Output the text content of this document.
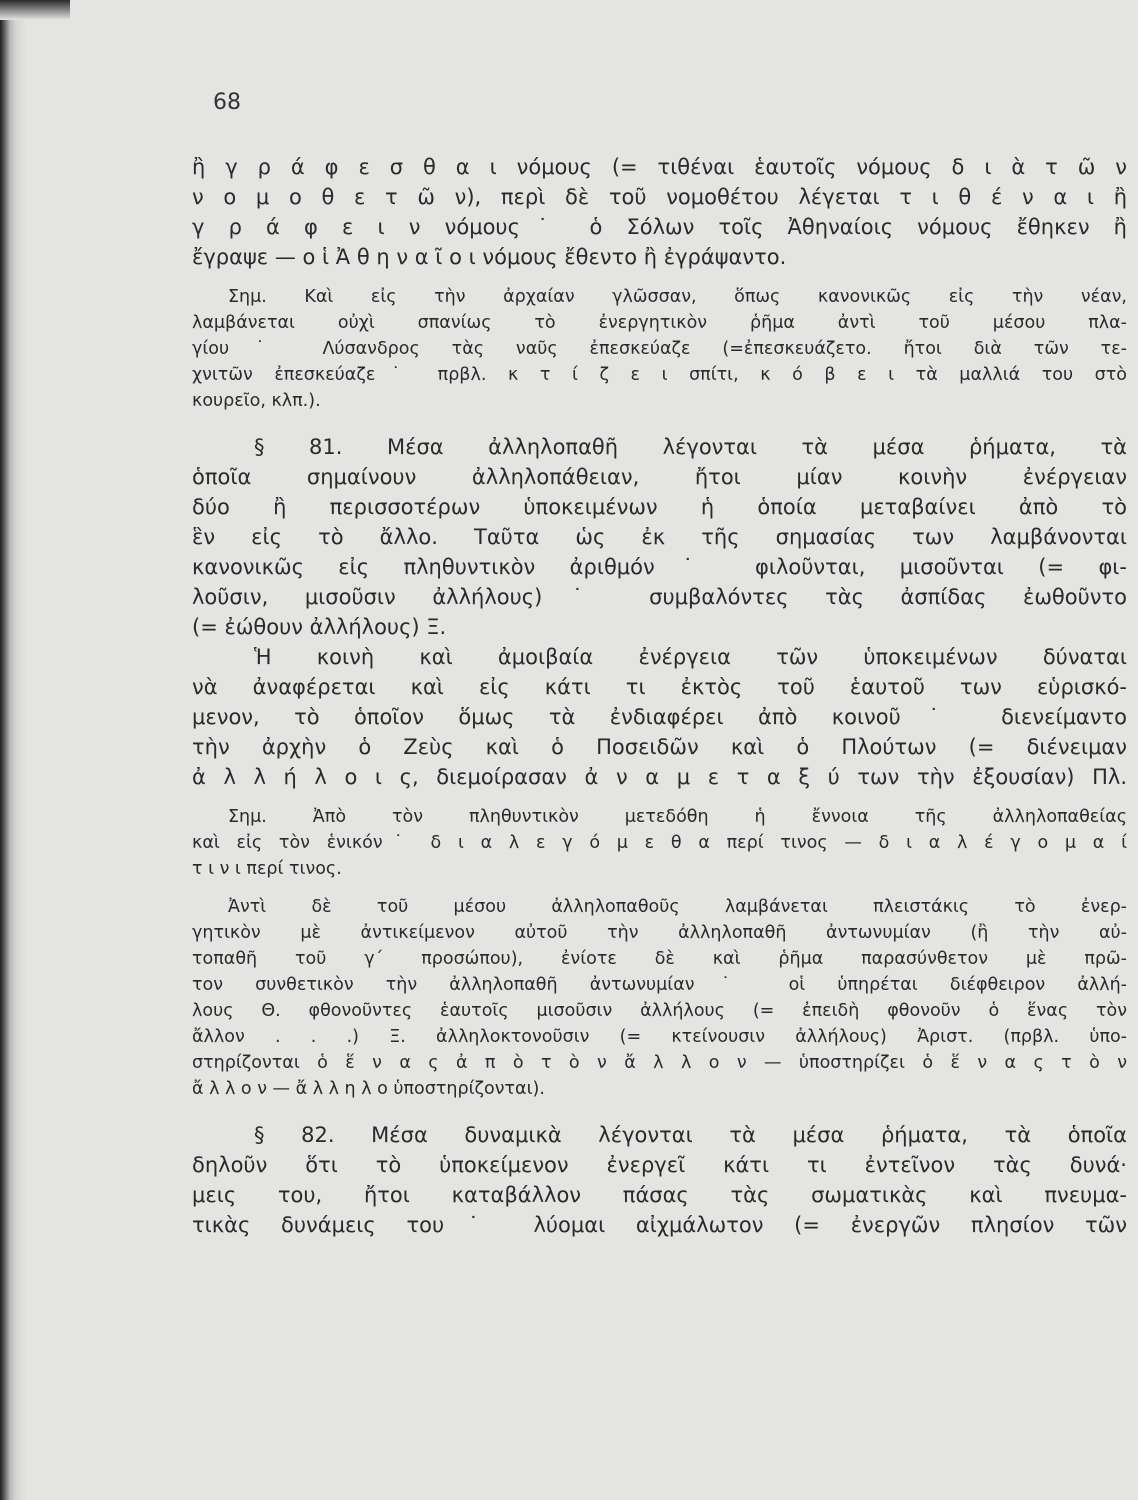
68
ἢ γ ρ ά φ ε σ θ α ι νόμους (= τιθέναι ἑαυτοῖς νόμους δ ι ὰ τ ῶ ν
ν ο μ ο θ ε τ ῶ ν), περὶ δὲ τοῦ νομοθέτου λέγεται τ ι θ έ ν α ι ἢ
γ ρ ά φ ε ι ν νόμους˙ ὁ Σόλων τοῖς Ἀθηναίοις νόμους ἔθηκεν ἢ
ἔγραψε — ο ἱ Ἀ θ η ν α ῖ ο ι νόμους ἔθεντο ἢ ἐγράψαντο.
Σημ. Καὶ εἰς τὴν ἀρχαίαν γλῶσσαν, ὅπως κανονικῶς εἰς τὴν νέαν,
λαμβάνεται οὐχὶ σπανίως τὸ ἐνεργητικὸν ῥῆμα ἀντὶ τοῦ μέσου πλα-
γίου˙ Λύσανδρος τὰς ναῦς ἐπεσκεύαζε (=ἐπεσκευάζετο. ἤτοι διὰ τῶν τε-
χνιτῶν ἐπεσκεύαζε˙ πρβλ. κ τ ί ζ ε ι σπίτι, κ ό β ε ι τὰ μαλλιά του στὸ
κουρεῖο, κλπ.).
§ 81. Μέσα ἀλληλοπαθῆ λέγονται τὰ μέσα ῥήματα, τὰ
ὁποῖα σημαίνουν ἀλληλοπάθειαν, ἤτοι μίαν κοινὴν ἐνέργειαν
δύο ἢ περισσοτέρων ὑποκειμένων ἡ ὁποία μεταβαίνει ἀπὸ τὸ
ἓν εἰς τὸ ἄλλο. Ταῦτα ὡς ἐκ τῆς σημασίας των λαμβάνονται
κανονικῶς εἰς πληθυντικὸν ἀριθμόν˙ φιλοῦνται, μισοῦνται (= φι-
λοῦσιν, μισοῦσιν ἀλλήλους)˙ συμβαλόντες τὰς ἀσπίδας ἐωθοῦντο
(= ἐώθουν ἀλλήλους) Ξ.
Ἡ κοινὴ καὶ ἀμοιβαία ἐνέργεια τῶν ὑποκειμένων δύναται
νὰ ἀναφέρεται καὶ εἰς κάτι τι ἐκτὸς τοῦ ἑαυτοῦ των εὑρισκό-
μενον, τὸ ὁποῖον ὅμως τὰ ἐνδιαφέρει ἀπὸ κοινοῦ˙ διενείμαντο
τὴν ἀρχὴν ὁ Ζεὺς καὶ ὁ Ποσειδῶν καὶ ὁ Πλούτων (= διένειμαν
ἀ λ λ ή λ ο ι ς, διεμοίρασαν ἀ ν α μ ε τ α ξ ύ των τὴν ἐξουσίαν) Πλ.
Σημ. Ἀπὸ τὸν πληθυντικὸν μετεδόθη ἡ ἔννοια τῆς ἀλληλοπαθείας
καὶ εἰς τὸν ἑνικόν˙ δ ι α λ ε γ ό μ ε θ α περί τινος — δ ι α λ έ γ ο μ α ί
τ ι ν ι περί τινος.
Ἀντὶ δὲ τοῦ μέσου ἀλληλοπαθοῦς λαμβάνεται πλειστάκις τὸ ἐνερ-
γητικὸν μὲ ἀντικείμενον αὐτοῦ τὴν ἀλληλοπαθῆ ἀντωνυμίαν (ἢ τὴν αὐ-
τοπαθῆ τοῦ γ΄ προσώπου), ἐνίοτε δὲ καὶ ῥῆμα παρασύνθετον μὲ πρῶ-
τον συνθετικὸν τὴν ἀλληλοπαθῆ ἀντωνυμίαν˙ οἱ ὑπηρέται διέφθειρον ἀλλή-
λους Θ. φθονοῦντες ἑαυτοῖς μισοῦσιν ἀλλήλους (= ἐπειδὴ φθονοῦν ὁ ἕνας τὸν
ἄλλον . . .) Ξ. ἀλληλοκτονοῦσιν (= κτείνουσιν ἀλλήλους) Ἀριστ. (πρβλ. ὑπο-
στηρίζονται ὁ ἕ ν α ς ἀ π ὸ τ ὸ ν ἄ λ λ ο ν — ὑποστηρίζει ὁ ἕ ν α ς τ ὸ ν
ἄ λ λ ο ν — ἄ λ λ η λ ο ὑποστηρίζονται).
§ 82. Μέσα δυναμικὰ λέγονται τὰ μέσα ῥήματα, τὰ ὁποῖα
δηλοῦν ὅτι τὸ ὑποκείμενον ἐνεργεῖ κάτι τι ἐντεῖνον τὰς δυνά·
μεις του, ἤτοι καταβάλλον πάσας τὰς σωματικὰς καὶ πνευμα-
τικὰς δυνάμεις του˙ λύομαι αἰχμάλωτον (= ἐνεργῶν πλησίον τῶν
